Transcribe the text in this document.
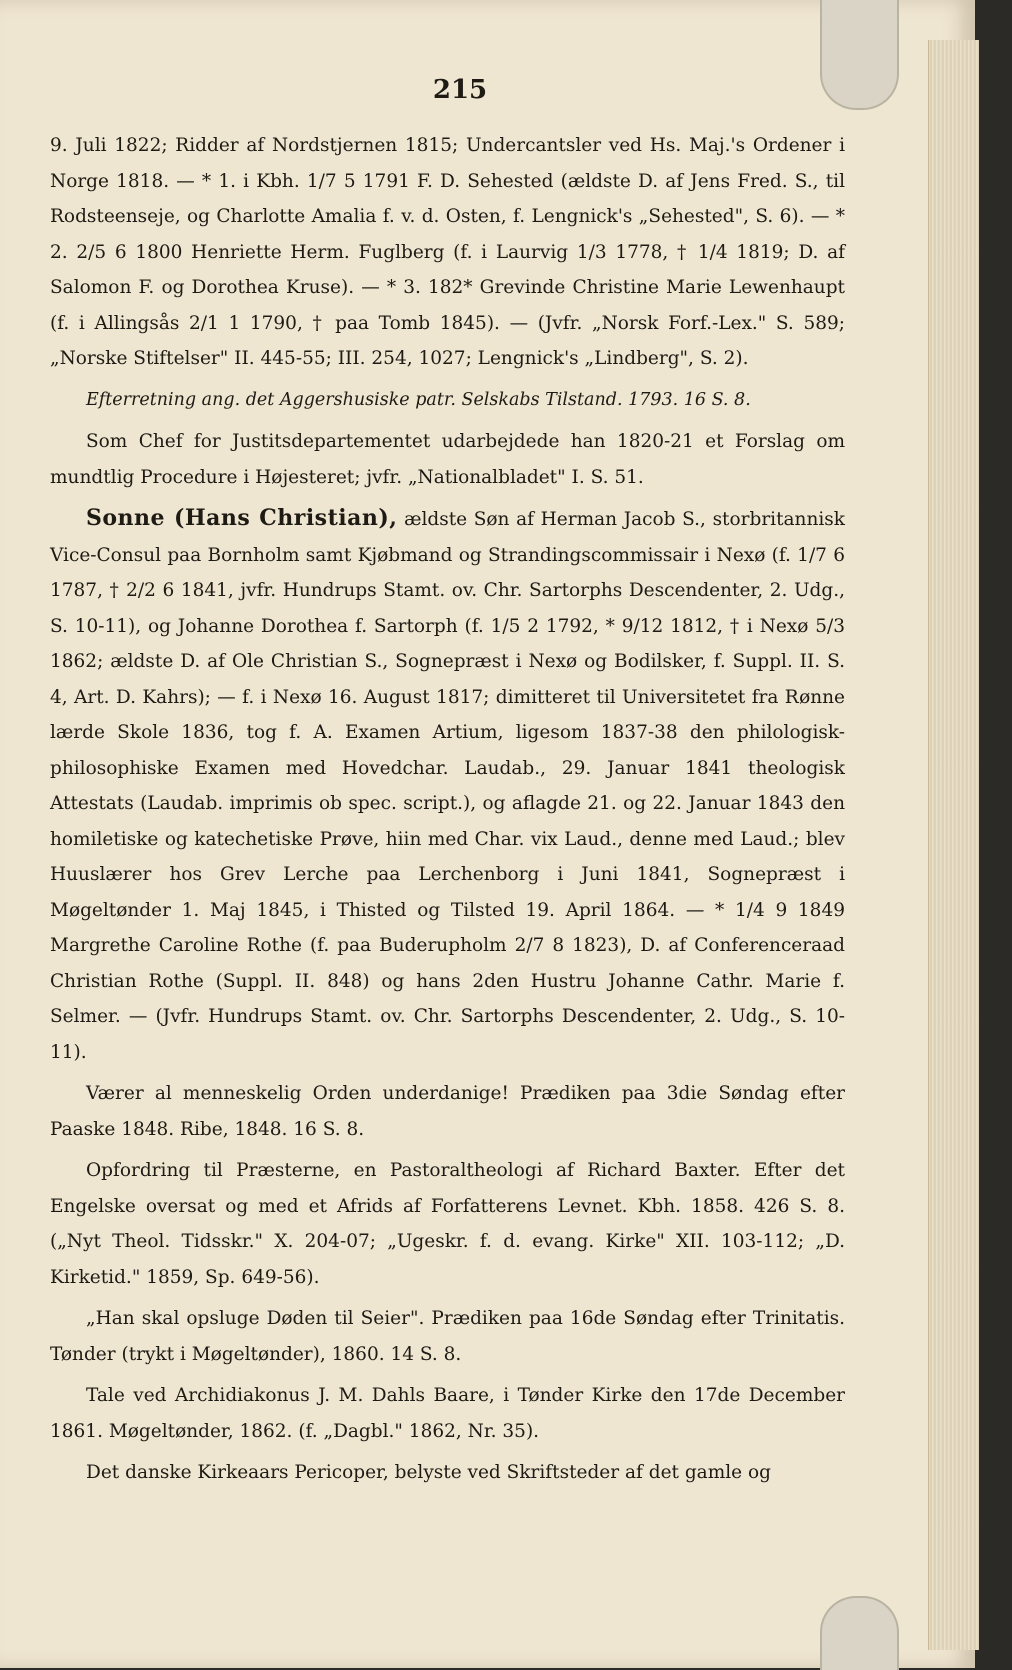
215

9. Juli 1822; Ridder af Nordstjernen 1815; Undercantsler ved Hs. Maj.'s Ordener i Norge 1818. — * 1. i Kbh. 1/7 5 1791 F. D. Sehested (ældste D. af Jens Fred. S., til Rodsteenseje, og Charlotte Amalia f. v. d. Osten, f. Lengnick's „Sehested", S. 6). — * 2. 2/5 6 1800 Henriette Herm. Fuglberg (f. i Laurvig 1/3 1778, † 1/4 1819; D. af Salomon F. og Dorothea Kruse). — * 3. 182* Grevinde Christine Marie Lewenhaupt (f. i Allingsås 2/1 1 1790, † paa Tomb 1845). — (Jvfr. „Norsk Forf.-Lex." S. 589; „Norske Stiftelser" II. 445-55; III. 254, 1027; Lengnick's „Lindberg", S. 2).

Efterretning ang. det Aggershusiske patr. Selskabs Tilstand. 1793. 16 S. 8.

Som Chef for Justitsdepartementet udarbejdede han 1820-21 et Forslag om mundtlig Procedure i Højesteret; jvfr. „Nationalbladet" I. S. 51.

Sonne (Hans Christian), ældste Søn af Herman Jacob S., storbritannisk Vice-Consul paa Bornholm samt Kjøbmand og Strandingscommissair i Nexø (f. 1/7 6 1787, † 2/2 6 1841, jvfr. Hundrups Stamt. ov. Chr. Sartorphs Descendenter, 2. Udg., S. 10-11), og Johanne Dorothea f. Sartorph (f. 1/5 2 1792, * 9/12 1812, † i Nexø 5/3 1862; ældste D. af Ole Christian S., Sognepræst i Nexø og Bodilsker, f. Suppl. II. S. 4, Art. D. Kahrs); — f. i Nexø 16. August 1817; dimitteret til Universitetet fra Rønne lærde Skole 1836, tog f. A. Examen Artium, ligesom 1837-38 den philologisk-philosophiske Examen med Hovedchar. Laudab., 29. Januar 1841 theologisk Attestats (Laudab. imprimis ob spec. script.), og aflagde 21. og 22. Januar 1843 den homiletiske og katechetiske Prøve, hiin med Char. vix Laud., denne med Laud.; blev Huuslærer hos Grev Lerche paa Lerchenborg i Juni 1841, Sognepræst i Møgeltønder 1. Maj 1845, i Thisted og Tilsted 19. April 1864. — * 1/4 9 1849 Margrethe Caroline Rothe (f. paa Buderupholm 2/7 8 1823), D. af Conferenceraad Christian Rothe (Suppl. II. 848) og hans 2den Hustru Johanne Cathr. Marie f. Selmer. — (Jvfr. Hundrups Stamt. ov. Chr. Sartorphs Descendenter, 2. Udg., S. 10-11).

Værer al menneskelig Orden underdanige! Prædiken paa 3die Søndag efter Paaske 1848. Ribe, 1848. 16 S. 8.

Opfordring til Præsterne, en Pastoraltheologi af Richard Baxter. Efter det Engelske oversat og med et Afrids af Forfatterens Levnet. Kbh. 1858. 426 S. 8. („Nyt Theol. Tidsskr." X. 204-07; „Ugeskr. f. d. evang. Kirke" XII. 103-112; „D. Kirketid." 1859, Sp. 649-56).

„Han skal opsluge Døden til Seier". Prædiken paa 16de Søndag efter Trinitatis. Tønder (trykt i Møgeltønder), 1860. 14 S. 8.

Tale ved Archidiakonus J. M. Dahls Baare, i Tønder Kirke den 17de December 1861. Møgeltønder, 1862. (f. „Dagbl." 1862, Nr. 35).

Det danske Kirkeaars Pericoper, belyste ved Skriftsteder af det gamle og
